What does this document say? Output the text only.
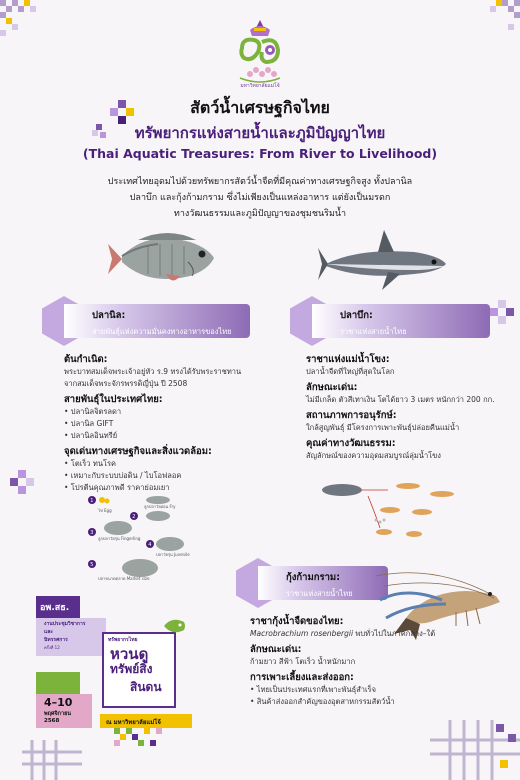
มหาวิทยาลัยแม่โจ้
สัตว์น้ำเศรษฐกิจไทย
ทรัพยากรแห่งสายน้ำและภูมิปัญญาไทย
(Thai Aquatic Treasures: From River to Livelihood)
ประเทศไทยอุดมไปด้วยทรัพยากรสัตว์น้ำจืดที่มีคุณค่าทางเศรษฐกิจสูง ทั้งปลานิล
ปลาบึก และกุ้งก้ามกราม ซึ่งไม่เพียงเป็นแหล่งอาหาร แต่ยังเป็นมรดก
ทางวัฒนธรรมและภูมิปัญญาของชุมชนริมน้ำ
ปลานิล:
สายพันธุ์แห่งความมั่นคงทางอาหารของไทย
ปลาบึก:
ราชาแห่งสายน้ำไทย
ต้นกำเนิด:
พระบาทสมเด็จพระเจ้าอยู่หัว ร.9 ทรงได้รับพระราชทาน
จากสมเด็จพระจักรพรรดิญี่ปุ่น ปี 2508
สายพันธุ์ในประเทศไทย:
• ปลานิลจิตรลดา
• ปลานิล GIFT
• ปลานิลอินทรีย์
จุดเด่นทางเศรษฐกิจและสิ่งแวดล้อม:
• โตเร็ว ทนโรค
• เหมาะกับระบบบ่อดิน / ไบโอฟลอค
• โปรตีนคุณภาพดี ราคาย่อมเยา
1
2
3
4
5
ไข่ Egg
ลูกปลาวัยอ่อน Fry
ลูกปลาวัยรุ่น Fingerling
ปลาวัยรุ่น Juvenile
ปลาขนาดตลาด Market size
ราชาแห่งแม่น้ำโขง:
ปลาน้ำจืดที่ใหญ่ที่สุดในโลก
ลักษณะเด่น:
ไม่มีเกล็ด ตัวสีเทาเงิน โตได้ยาว 3 เมตร หนักกว่า 200 กก.
สถานภาพการอนุรักษ์:
ใกล้สูญพันธุ์ มีโครงการเพาะพันธุ์ปล่อยคืนแม่น้ำ
คุณค่าทางวัฒนธรรม:
สัญลักษณ์ของความอุดมสมบูรณ์ลุ่มน้ำโขง
กุ้งก้ามกราม:
ราชาแห่งสายน้ำไทย
ราชากุ้งน้ำจืดของไทย:
Macrobrachium rosenbergii พบทั่วไปในภาคกลาง–ใต้
ลักษณะเด่น:
ก้ามยาว สีฟ้า โตเร็ว น้ำหนักมาก
การเพาะเลี้ยงและส่งออก:
• ไทยเป็นประเทศแรกที่เพาะพันธุ์สำเร็จ
• สินค้าส่งออกสำคัญของอุตสาหกรรมสัตว์น้ำ
อพ.สธ.
งานประชุมวิชาการ
และ
นิทรรศการ
ครั้งที่ 12
ทรัพยากรไทย
หวนดู
ทรัพย์สิ่ง
สินดน
4–10
พฤศจิกายน
2568	ณ มหาวิทยาลัยแม่โจ้
